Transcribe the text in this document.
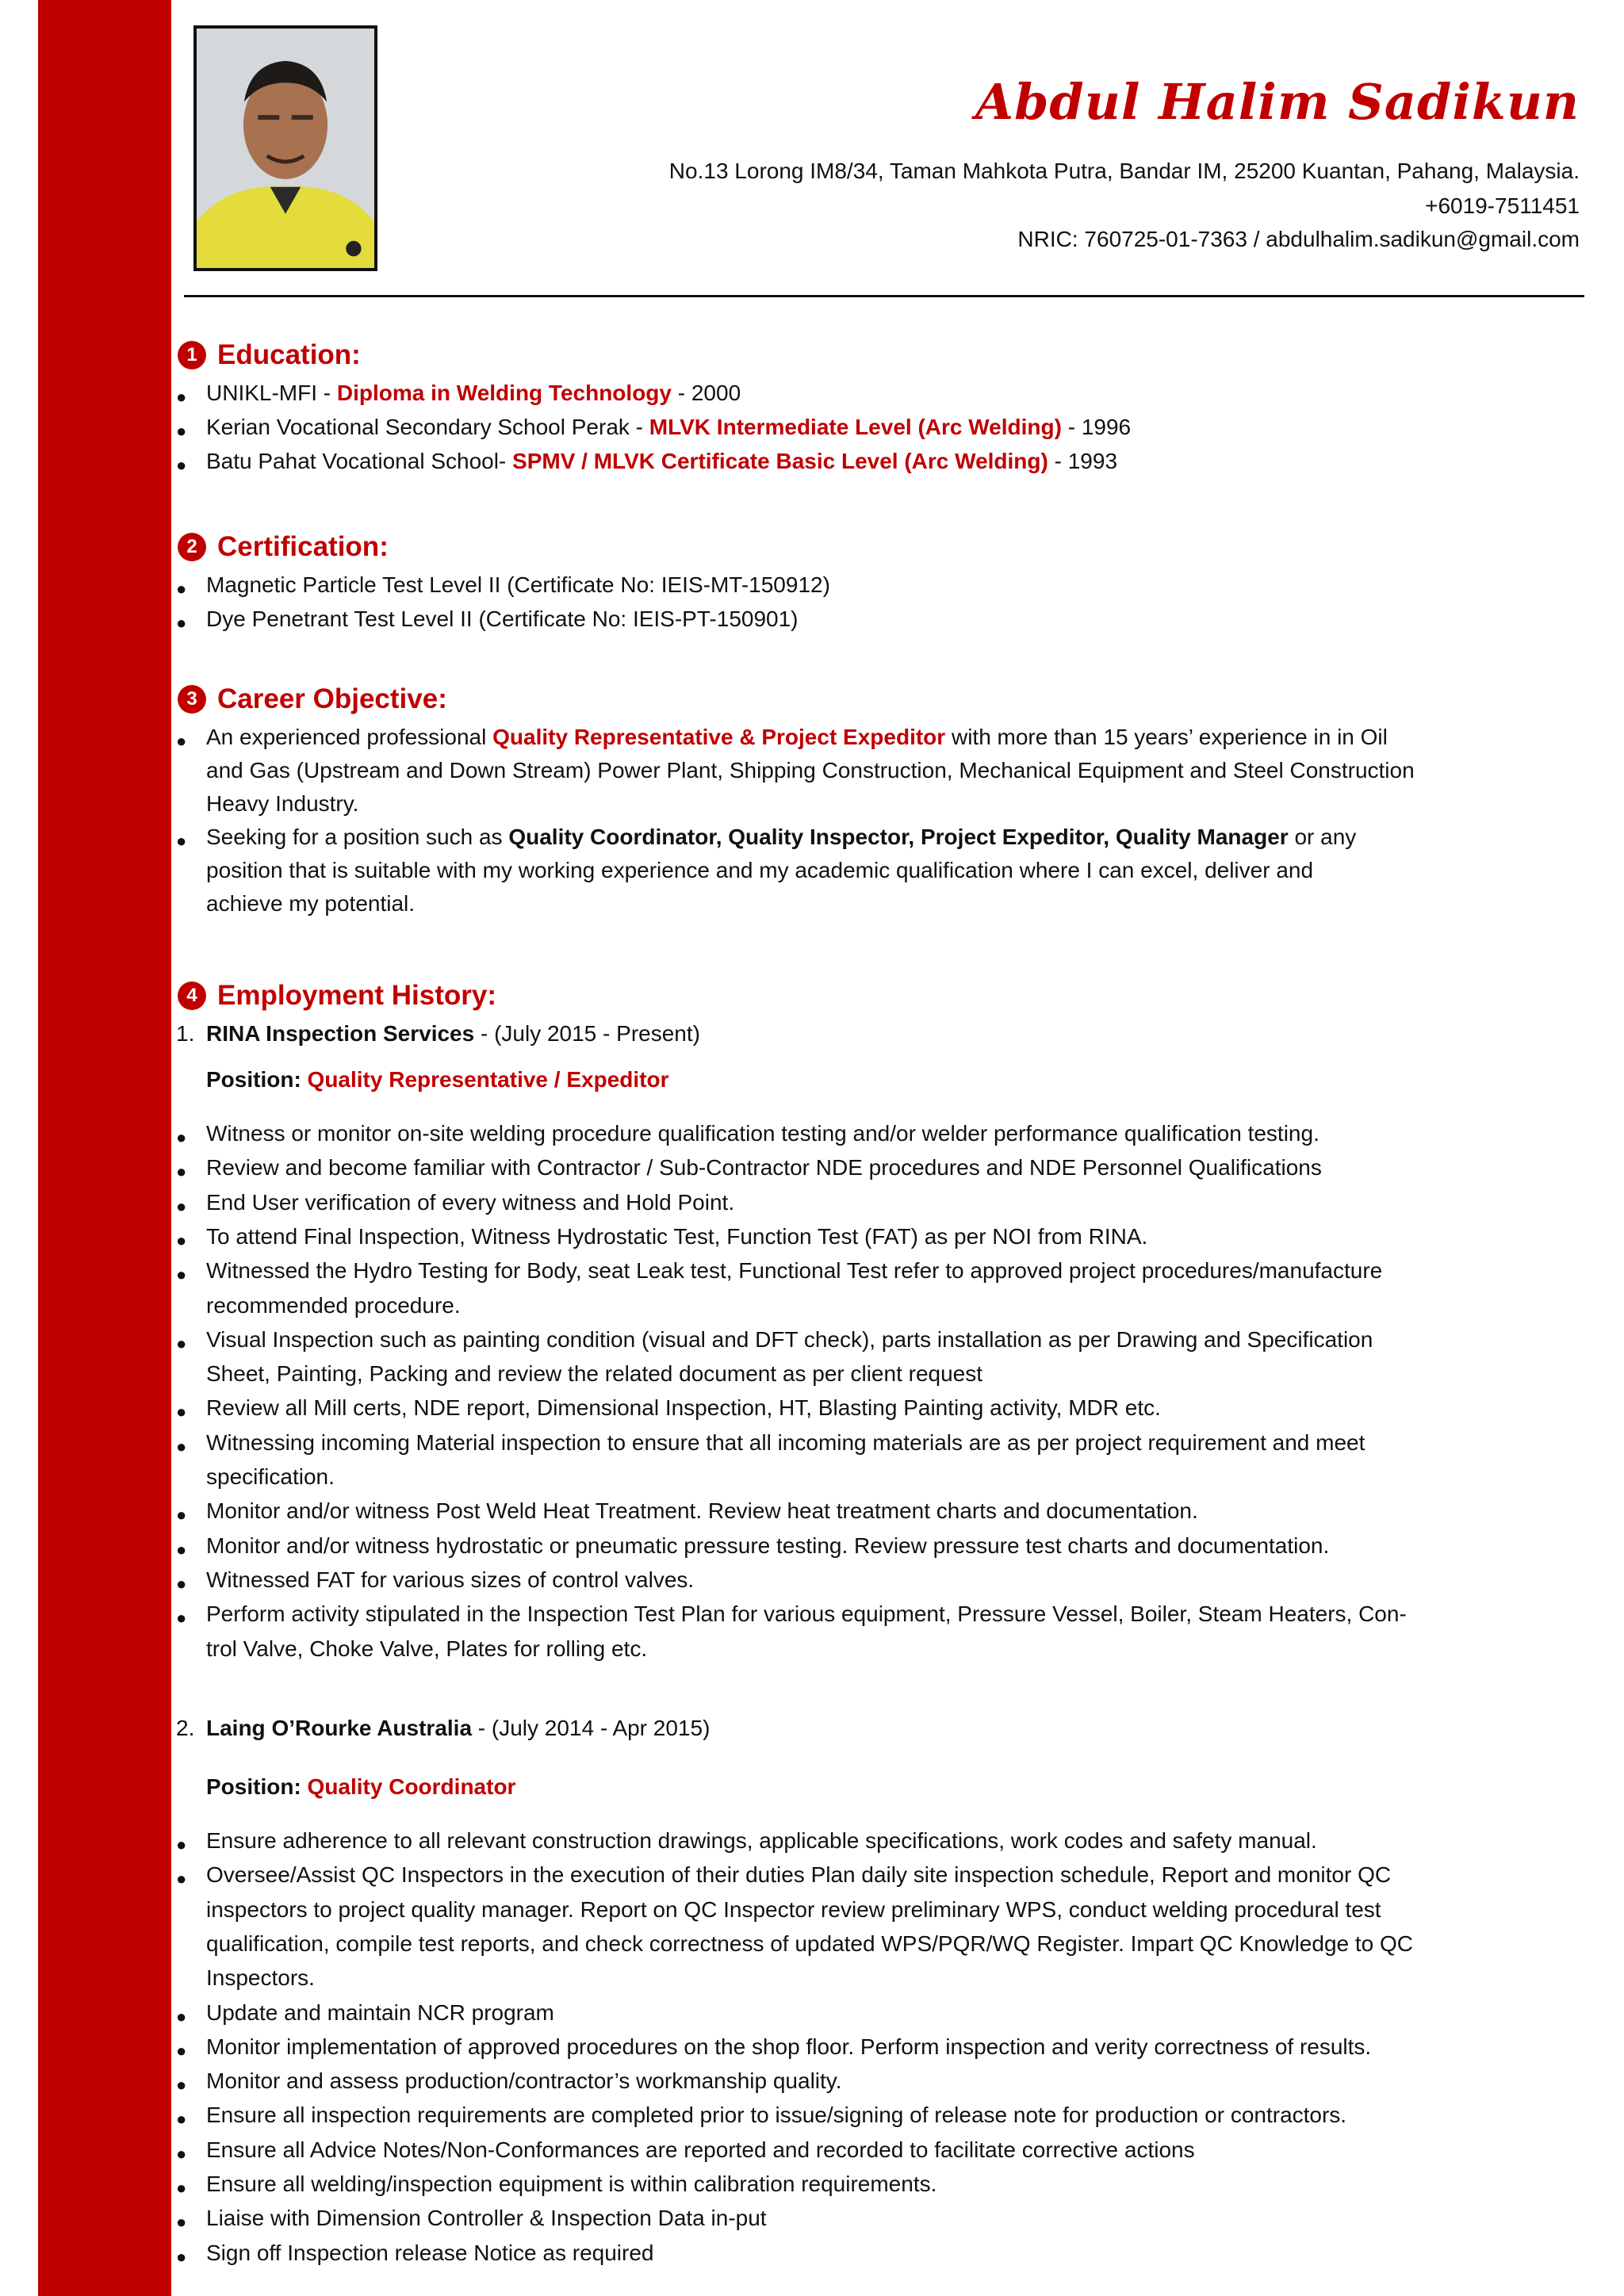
Abdul Halim Sadikun
No.13 Lorong IM8/34, Taman Mahkota Putra, Bandar IM, 25200 Kuantan, Pahang, Malaysia.
+6019-7511451
NRIC: 760725-01-7363 / abdulhalim.sadikun@gmail.com
1 Education:
● UNIKL-MFI - Diploma in Welding Technology - 2000
● Kerian Vocational Secondary School Perak - MLVK Intermediate Level (Arc Welding) - 1996
● Batu Pahat Vocational School- SPMV / MLVK Certificate Basic Level (Arc Welding) - 1993
2 Certification:
● Magnetic Particle Test Level II (Certificate No: IEIS-MT-150912)
● Dye Penetrant Test Level II (Certificate No: IEIS-PT-150901)
3 Career Objective:
● An experienced professional Quality Representative & Project Expeditor with more than 15 years’ experience in in Oil
and Gas (Upstream and Down Stream) Power Plant, Shipping Construction, Mechanical Equipment and Steel Construction
Heavy Industry.
● Seeking for a position such as Quality Coordinator, Quality Inspector, Project Expeditor, Quality Manager or any
position that is suitable with my working experience and my academic qualification where I can excel, deliver and
achieve my potential.
4 Employment History:
1. RINA Inspection Services - (July 2015 - Present)
Position: Quality Representative / Expeditor
● Witness or monitor on-site welding procedure qualification testing and/or welder performance qualification testing.
● Review and become familiar with Contractor / Sub-Contractor NDE procedures and NDE Personnel Qualifications
● End User verification of every witness and Hold Point.
● To attend Final Inspection, Witness Hydrostatic Test, Function Test (FAT) as per NOI from RINA.
● Witnessed the Hydro Testing for Body, seat Leak test, Functional Test refer to approved project procedures/manufacture
recommended procedure.
● Visual Inspection such as painting condition (visual and DFT check), parts installation as per Drawing and Specification
Sheet, Painting, Packing and review the related document as per client request
● Review all Mill certs, NDE report, Dimensional Inspection, HT, Blasting Painting activity, MDR etc.
● Witnessing incoming Material inspection to ensure that all incoming materials are as per project requirement and meet
specification.
● Monitor and/or witness Post Weld Heat Treatment. Review heat treatment charts and documentation.
● Monitor and/or witness hydrostatic or pneumatic pressure testing. Review pressure test charts and documentation.
● Witnessed FAT for various sizes of control valves.
● Perform activity stipulated in the Inspection Test Plan for various equipment, Pressure Vessel, Boiler, Steam Heaters, Con-
trol Valve, Choke Valve, Plates for rolling etc.
2. Laing O’Rourke Australia - (July 2014 - Apr 2015)
Position: Quality Coordinator
● Ensure adherence to all relevant construction drawings, applicable specifications, work codes and safety manual.
● Oversee/Assist QC Inspectors in the execution of their duties Plan daily site inspection schedule, Report and monitor QC
inspectors to project quality manager. Report on QC Inspector review preliminary WPS, conduct welding procedural test
qualification, compile test reports, and check correctness of updated WPS/PQR/WQ Register. Impart QC Knowledge to QC
Inspectors.
● Update and maintain NCR program
● Monitor implementation of approved procedures on the shop floor. Perform inspection and verity correctness of results.
● Monitor and assess production/contractor’s workmanship quality.
● Ensure all inspection requirements are completed prior to issue/signing of release note for production or contractors.
● Ensure all Advice Notes/Non-Conformances are reported and recorded to facilitate corrective actions
● Ensure all welding/inspection equipment is within calibration requirements.
● Liaise with Dimension Controller & Inspection Data in-put
● Sign off Inspection release Notice as required
